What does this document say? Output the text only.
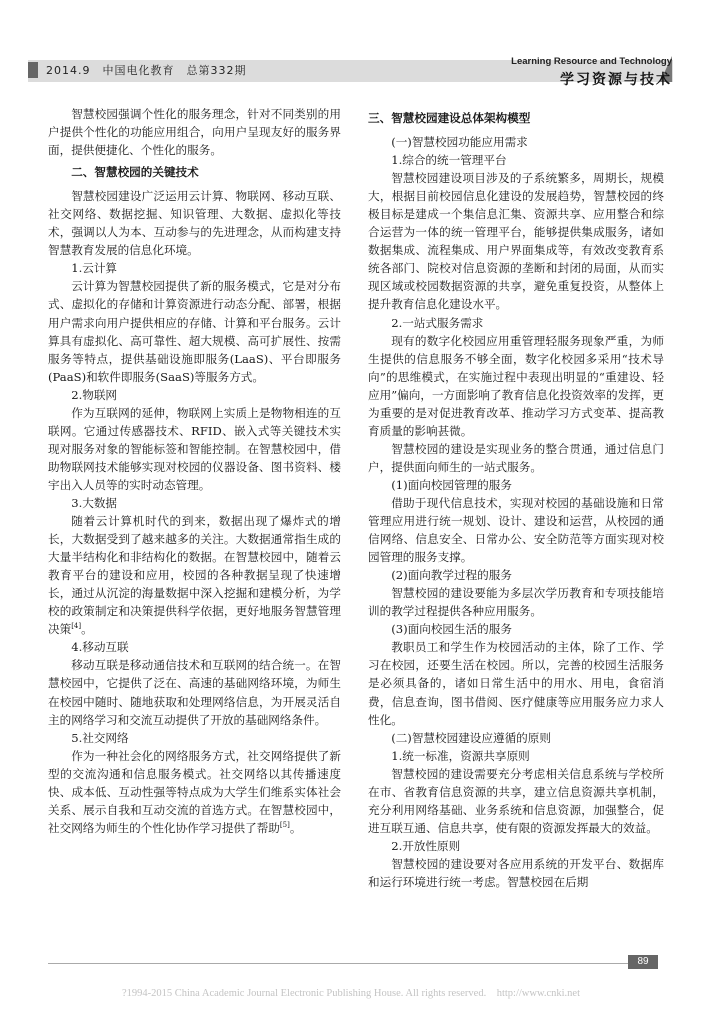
2014.9　中国电化教育　总第332期
Learning Resource and Technology
学习资源与技术

智慧校园强调个性化的服务理念，针对不同类别的用户提供个性化的功能应用组合，向用户呈现友好的服务界面，提供便捷化、个性化的服务。

二、智慧校园的关键技术

智慧校园建设广泛运用云计算、物联网、移动互联、社交网络、数据挖掘、知识管理、大数据、虚拟化等技术，强调以人为本、互动参与的先进理念，从而构建支持智慧教育发展的信息化环境。

1.云计算

云计算为智慧校园提供了新的服务模式，它是对分布式、虚拟化的存储和计算资源进行动态分配、部署，根据用户需求向用户提供相应的存储、计算和平台服务。云计算具有虚拟化、高可靠性、超大规模、高可扩展性、按需服务等特点，提供基础设施即服务(LaaS)、平台即服务(PaaS)和软件即服务(SaaS)等服务方式。

2.物联网

作为互联网的延伸，物联网上实质上是物物相连的互联网。它通过传感器技术、RFID、嵌入式等关键技术实现对服务对象的智能标签和智能控制。在智慧校园中，借助物联网技术能够实现对校园的仪器设备、图书资料、楼宇出入人员等的实时动态管理。

3.大数据

随着云计算机时代的到来，数据出现了爆炸式的增长，大数据受到了越来越多的关注。大数据通常指生成的大量半结构化和非结构化的数据。在智慧校园中，随着云教育平台的建设和应用，校园的各种教据呈现了快速增长，通过从沉淀的海量数据中深入挖掘和建模分析，为学校的政策制定和决策提供科学依据，更好地服务智慧管理决策[4]。

4.移动互联

移动互联是移动通信技术和互联网的结合统一。在智慧校园中，它提供了泛在、高速的基础网络环境，为师生在校园中随时、随地获取和处理网络信息，为开展灵活自主的网络学习和交流互动提供了开放的基础网络条件。

5.社交网络

作为一种社会化的网络服务方式，社交网络提供了新型的交流沟通和信息服务模式。社交网络以其传播速度快、成本低、互动性强等特点成为大学生们维系实体社会关系、展示自我和互动交流的首选方式。在智慧校园中，社交网络为师生的个性化协作学习提供了帮助[5]。

三、智慧校园建设总体架构模型
(一)智慧校园功能应用需求
1.综合的统一管理平台

智慧校园建设项目涉及的子系统繁多，周期长，规模大，根据目前校园信息化建设的发展趋势，智慧校园的终极目标是建成一个集信息汇集、资源共享、应用整合和综合运营为一体的统一管理平台，能够提供集成服务，诸如数据集成、流程集成、用户界面集成等，有效改变教育系统各部门、院校对信息资源的垄断和封闭的局面，从而实现区域或校园数据资源的共享，避免重复投资，从整体上提升教育信息化建设水平。

2.一站式服务需求

现有的数字化校园应用重管理轻服务现象严重，为师生提供的信息服务不够全面，数字化校园多采用“技术导向”的思维模式，在实施过程中表现出明显的“重建设、轻应用”偏向，一方面影响了教育信息化投资效率的发挥，更为重要的是对促进教育改革、推动学习方式变革、提高教育质量的影响甚微。

智慧校园的建设是实现业务的整合贯通，通过信息门户，提供面向师生的一站式服务。

(1)面向校园管理的服务

借助于现代信息技术，实现对校园的基础设施和日常管理应用进行统一规划、设计、建设和运营，从校园的通信网络、信息安全、日常办公、安全防范等方面实现对校园管理的服务支撑。

(2)面向教学过程的服务

智慧校园的建设要能为多层次学历教育和专项技能培训的教学过程提供各种应用服务。

(3)面向校园生活的服务

教职员工和学生作为校园活动的主体，除了工作、学习在校园，还要生活在校园。所以，完善的校园生活服务是必须具备的，诸如日常生活中的用水、用电，食宿消费，信息查询，图书借阅、医疗健康等应用服务应力求人性化。

(二)智慧校园建设应遵循的原则
1.统一标准，资源共享原则

智慧校园的建设需要充分考虑相关信息系统与学校所在市、省教育信息资源的共享，建立信息资源共享机制，充分利用网络基础、业务系统和信息资源，加强整合，促进互联互通、信息共享，使有限的资源发挥最大的效益。

2.开放性原则

智慧校园的建设要对各应用系统的开发平台、数据库和运行环境进行统一考虑。智慧校园在后期

89
?1994-2015 China Academic Journal Electronic Publishing House. All rights reserved.　http://www.cnki.net
